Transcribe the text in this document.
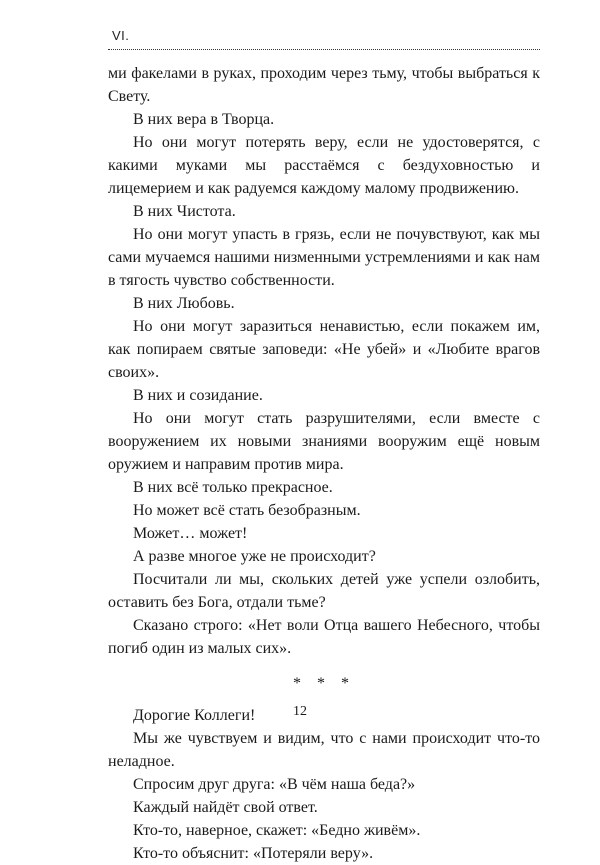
VI.

ми факелами в руках, проходим через тьму, чтобы выбраться к Свету.

В них вера в Творца.

Но они могут потерять веру, если не удостоверятся, с какими муками мы расстаёмся с бездуховностью и лицемерием и как радуемся каждому малому продвижению.

В них Чистота.

Но они могут упасть в грязь, если не почувствуют, как мы сами мучаемся нашими низменными устремлениями и как нам в тягость чувство собственности.

В них Любовь.

Но они могут заразиться ненавистью, если покажем им, как попираем святые заповеди: «Не убей» и «Любите врагов своих».

В них и созидание.

Но они могут стать разрушителями, если вместе с вооружением их новыми знаниями вооружим ещё новым оружием и направим против мира.

В них всё только прекрасное.

Но может всё стать безобразным.

Может… может!

А разве многое уже не происходит?

Посчитали ли мы, скольких детей уже успели озлобить, оставить без Бога, отдали тьме?

Сказано строго: «Нет воли Отца вашего Небесного, чтобы погиб один из малых сих».

* * *

Дорогие Коллеги!

Мы же чувствуем и видим, что с нами происходит что-то неладное.

Спросим друг друга: «В чём наша беда?»

Каждый найдёт свой ответ.

Кто-то, наверное, скажет: «Бедно живём».

Кто-то объяснит: «Потеряли веру».

12
